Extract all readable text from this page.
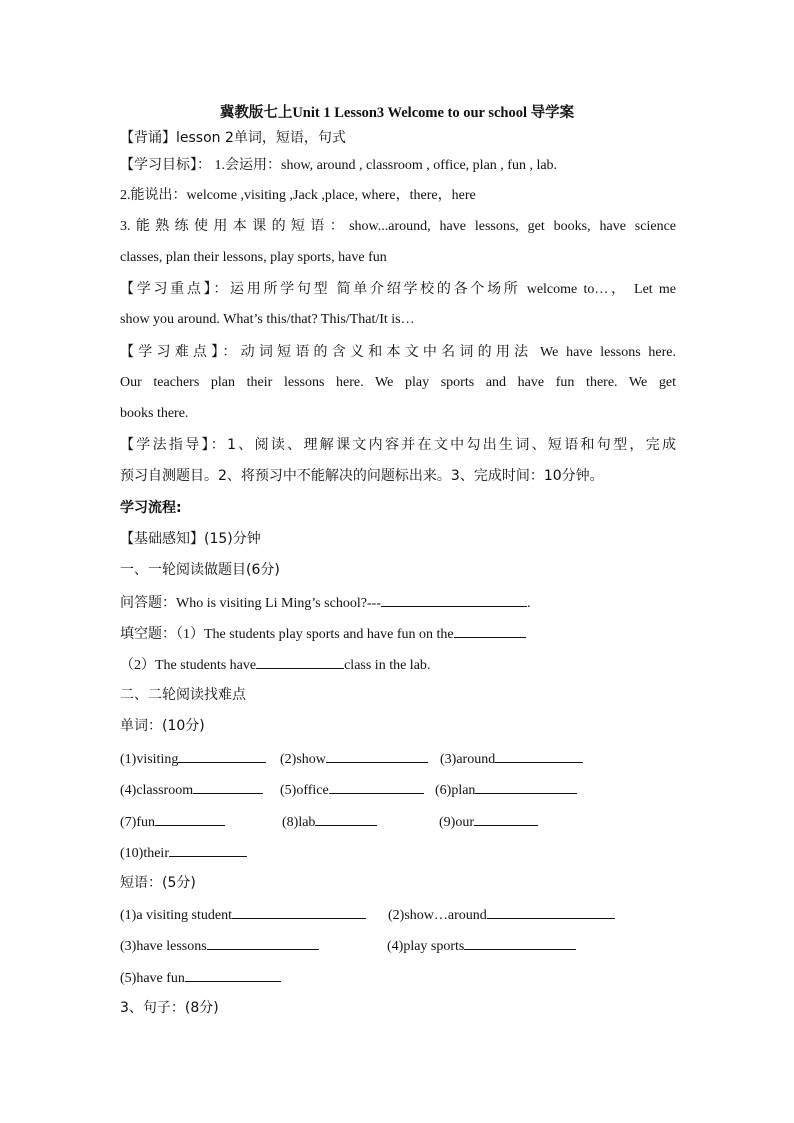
冀教版七上Unit 1 Lesson3 Welcome to our school 导学案
【背诵】lesson 2单词，短语，句式
【学习目标】： 1.会运用：show, around , classroom , office, plan , fun , lab.
2.能说出：welcome ,visiting ,Jack ,place, where，there，here
3.能熟练使用本课的短语：show...around, have lessons, get books, have science
classes, plan their lessons, play sports, have fun
【学习重点】：运用所学句型 简单介绍学校的各个场所 welcome to…， Let me
show you around. What’s this/that? This/That/It is…
【学习难点】：动词短语的含义和本文中名词的用法 We have lessons here.
Our teachers plan their lessons here. We play sports and have fun there. We get
books there.
【学法指导】：1、阅读、理解课文内容并在文中勾出生词、短语和句型，完成
预习自测题目。2、将预习中不能解决的问题标出来。3、完成时间：10分钟。
学习流程:
【基础感知】(15)分钟
一、一轮阅读做题目(6分)
问答题：Who is visiting Li Ming’s school?---	.
填空题：（1）The students play sports and have fun on the
（2）The students have	class in the lab.
二、二轮阅读找难点
单词：(10分)
(1)visiting	(2)show	(3)around
(4)classroom	(5)office	(6)plan
(7)fun	(8)lab	(9)our
(10)their
短语：(5分)
(1)a visiting student	(2)show…around
(3)have lessons	(4)play sports
(5)have fun
3、句子：(8分)
